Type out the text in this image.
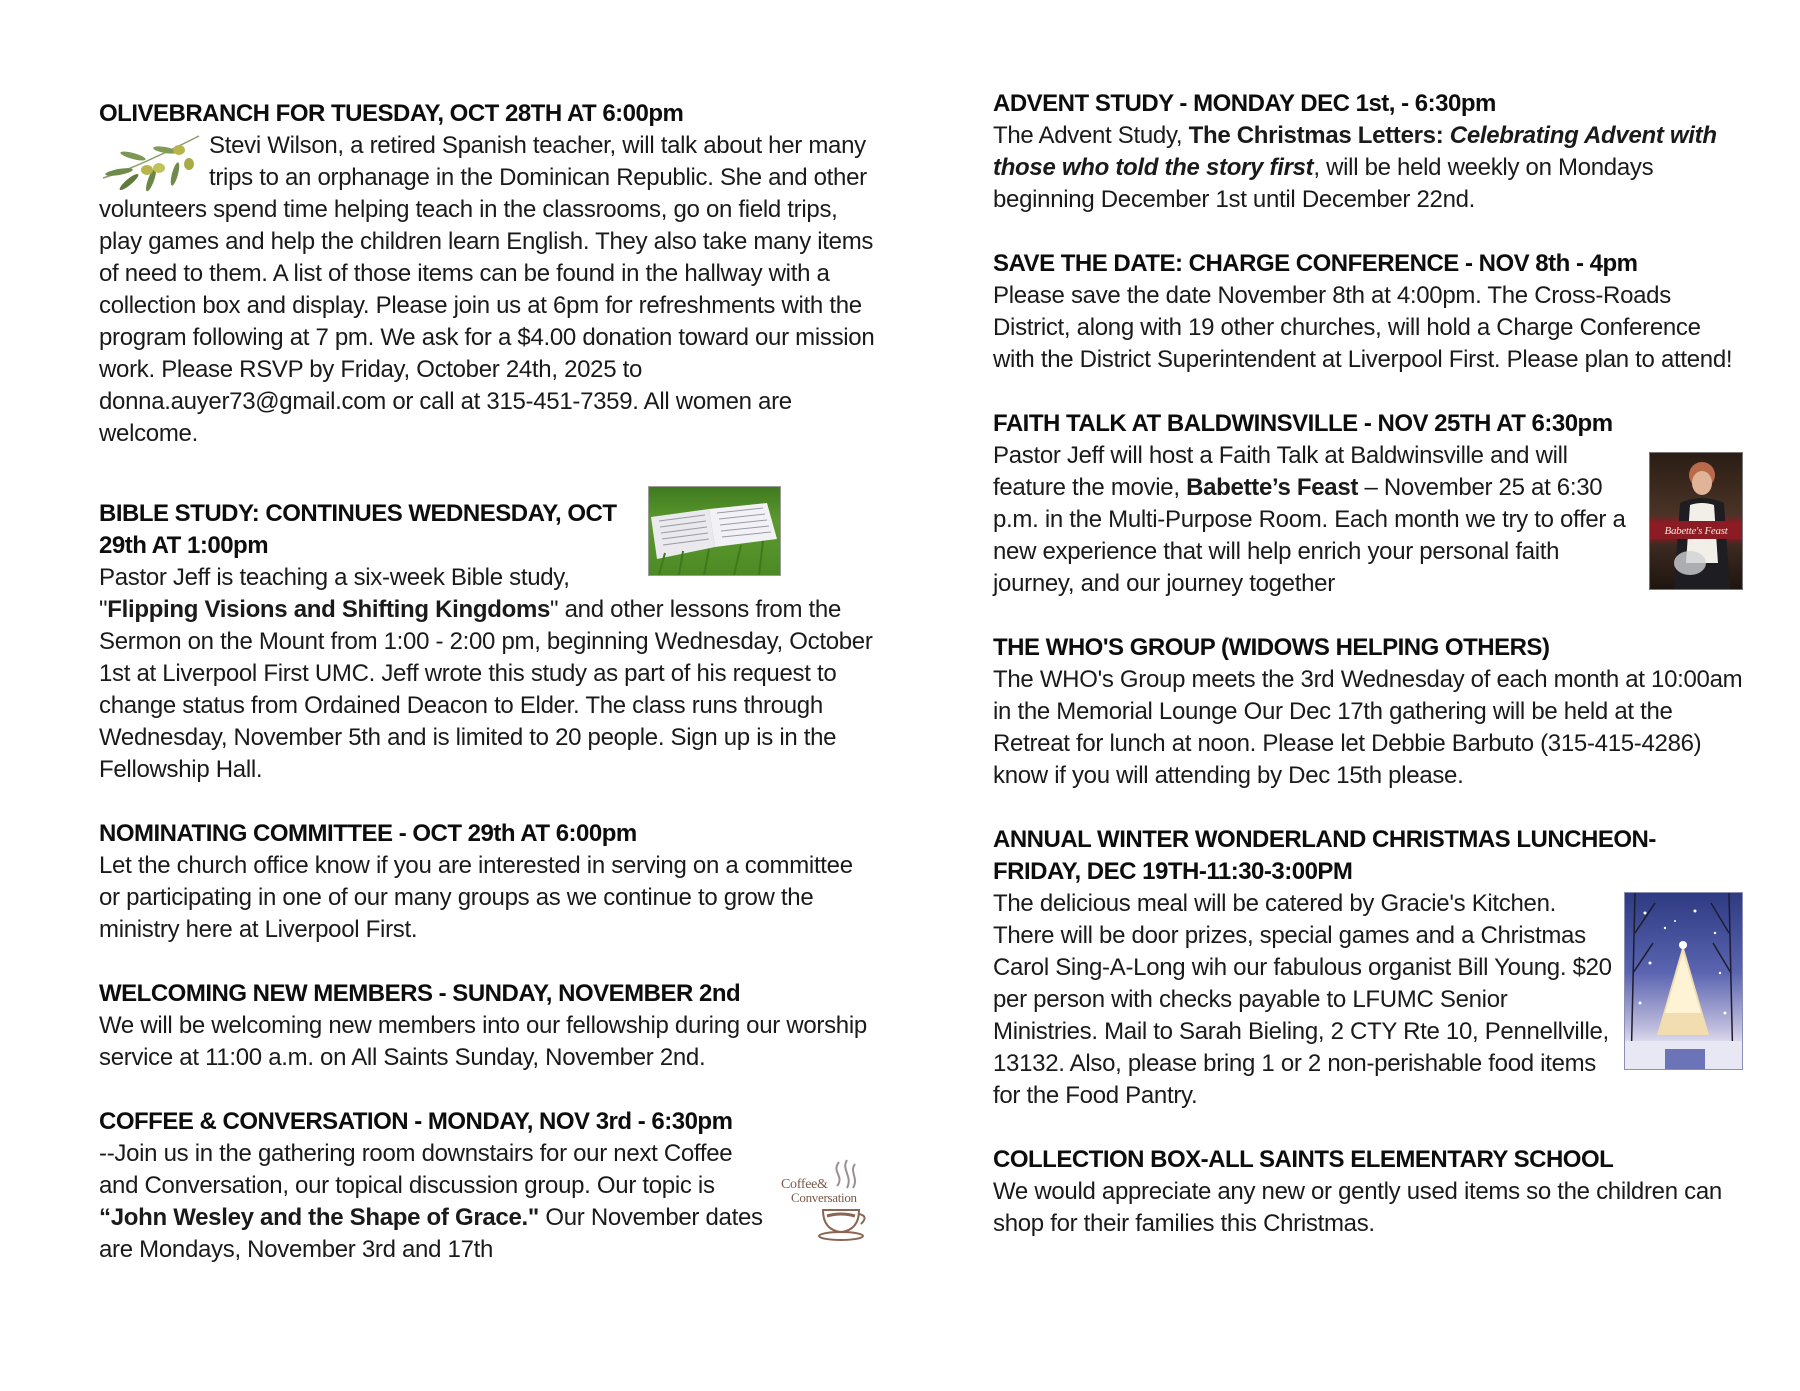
OLIVEBRANCH FOR TUESDAY, OCT 28TH AT 6:00pm

Stevi Wilson, a retired Spanish teacher, will talk about her many trips to an orphanage in the Dominican Republic. She and other volunteers spend time helping teach in the classrooms, go on field trips, play games and help the children learn English. They also take many items of need to them. A list of those items can be found in the hallway with a collection box and display. Please join us at 6pm for refreshments with the program following at 7 pm. We ask for a $4.00 donation toward our mission work. Please RSVP by Friday, October 24th, 2025 to donna.auyer73@gmail.com or call at 315-451-7359. All women are welcome.

BIBLE STUDY: CONTINUES WEDNESDAY, OCT 29th AT 1:00pm

Pastor Jeff is teaching a six-week Bible study, "Flipping Visions and Shifting Kingdoms" and other lessons from the Sermon on the Mount from 1:00 - 2:00 pm, beginning Wednesday, October 1st at Liverpool First UMC. Jeff wrote this study as part of his request to change status from Ordained Deacon to Elder. The class runs through Wednesday, November 5th and is limited to 20 people. Sign up is in the Fellowship Hall.

NOMINATING COMMITTEE - OCT 29th AT 6:00pm

Let the church office know if you are interested in serving on a committee or participating in one of our many groups as we continue to grow the ministry here at Liverpool First.

WELCOMING NEW MEMBERS - SUNDAY, NOVEMBER 2nd

We will be welcoming new members into our fellowship during our worship service at 11:00 a.m. on All Saints Sunday, November 2nd.

COFFEE & CONVERSATION - MONDAY, NOV 3rd - 6:30pm
Coffee&
Conversation

--Join us in the gathering room downstairs for our next Coffee and Conversation, our topical discussion group. Our topic is “John Wesley and the Shape of Grace." Our November dates are Mondays, November 3rd and 17th

ADVENT STUDY - MONDAY DEC 1st, - 6:30pm

The Advent Study, The Christmas Letters: Celebrating Advent with those who told the story first, will be held weekly on Mondays beginning December 1st until December 22nd.

SAVE THE DATE: CHARGE CONFERENCE - NOV 8th - 4pm

Please save the date November 8th at 4:00pm. The Cross-Roads District, along with 19 other churches, will hold a Charge Conference with the District Superintendent at Liverpool First. Please plan to attend!

FAITH TALK AT BALDWINSVILLE - NOV 25TH AT 6:30pm
Babette's Feast

Pastor Jeff will host a Faith Talk at Baldwinsville and will feature the movie, Babette’s Feast – November 25 at 6:30 p.m. in the Multi-Purpose Room. Each month we try to offer a new experience that will help enrich your personal faith journey, and our journey together

THE WHO'S GROUP (WIDOWS HELPING OTHERS)

The WHO's Group meets the 3rd Wednesday of each month at 10:00am in the Memorial Lounge Our Dec 17th gathering will be held at the Retreat for lunch at noon. Please let Debbie Barbuto (315-415-4286) know if you will attending by Dec 15th please.

ANNUAL WINTER WONDERLAND CHRISTMAS LUNCHEON-FRIDAY, DEC 19TH-11:30-3:00PM

The delicious meal will be catered by Gracie's Kitchen. There will be door prizes, special games and a Christmas Carol Sing-A-Long wih our fabulous organist Bill Young. $20 per person with checks payable to LFUMC Senior Ministries. Mail to Sarah Bieling, 2 CTY Rte 10, Pennellville, 13132. Also, please bring 1 or 2 non-perishable food items for the Food Pantry.

COLLECTION BOX-ALL SAINTS ELEMENTARY SCHOOL

We would appreciate any new or gently used items so the children can shop for their families this Christmas.
